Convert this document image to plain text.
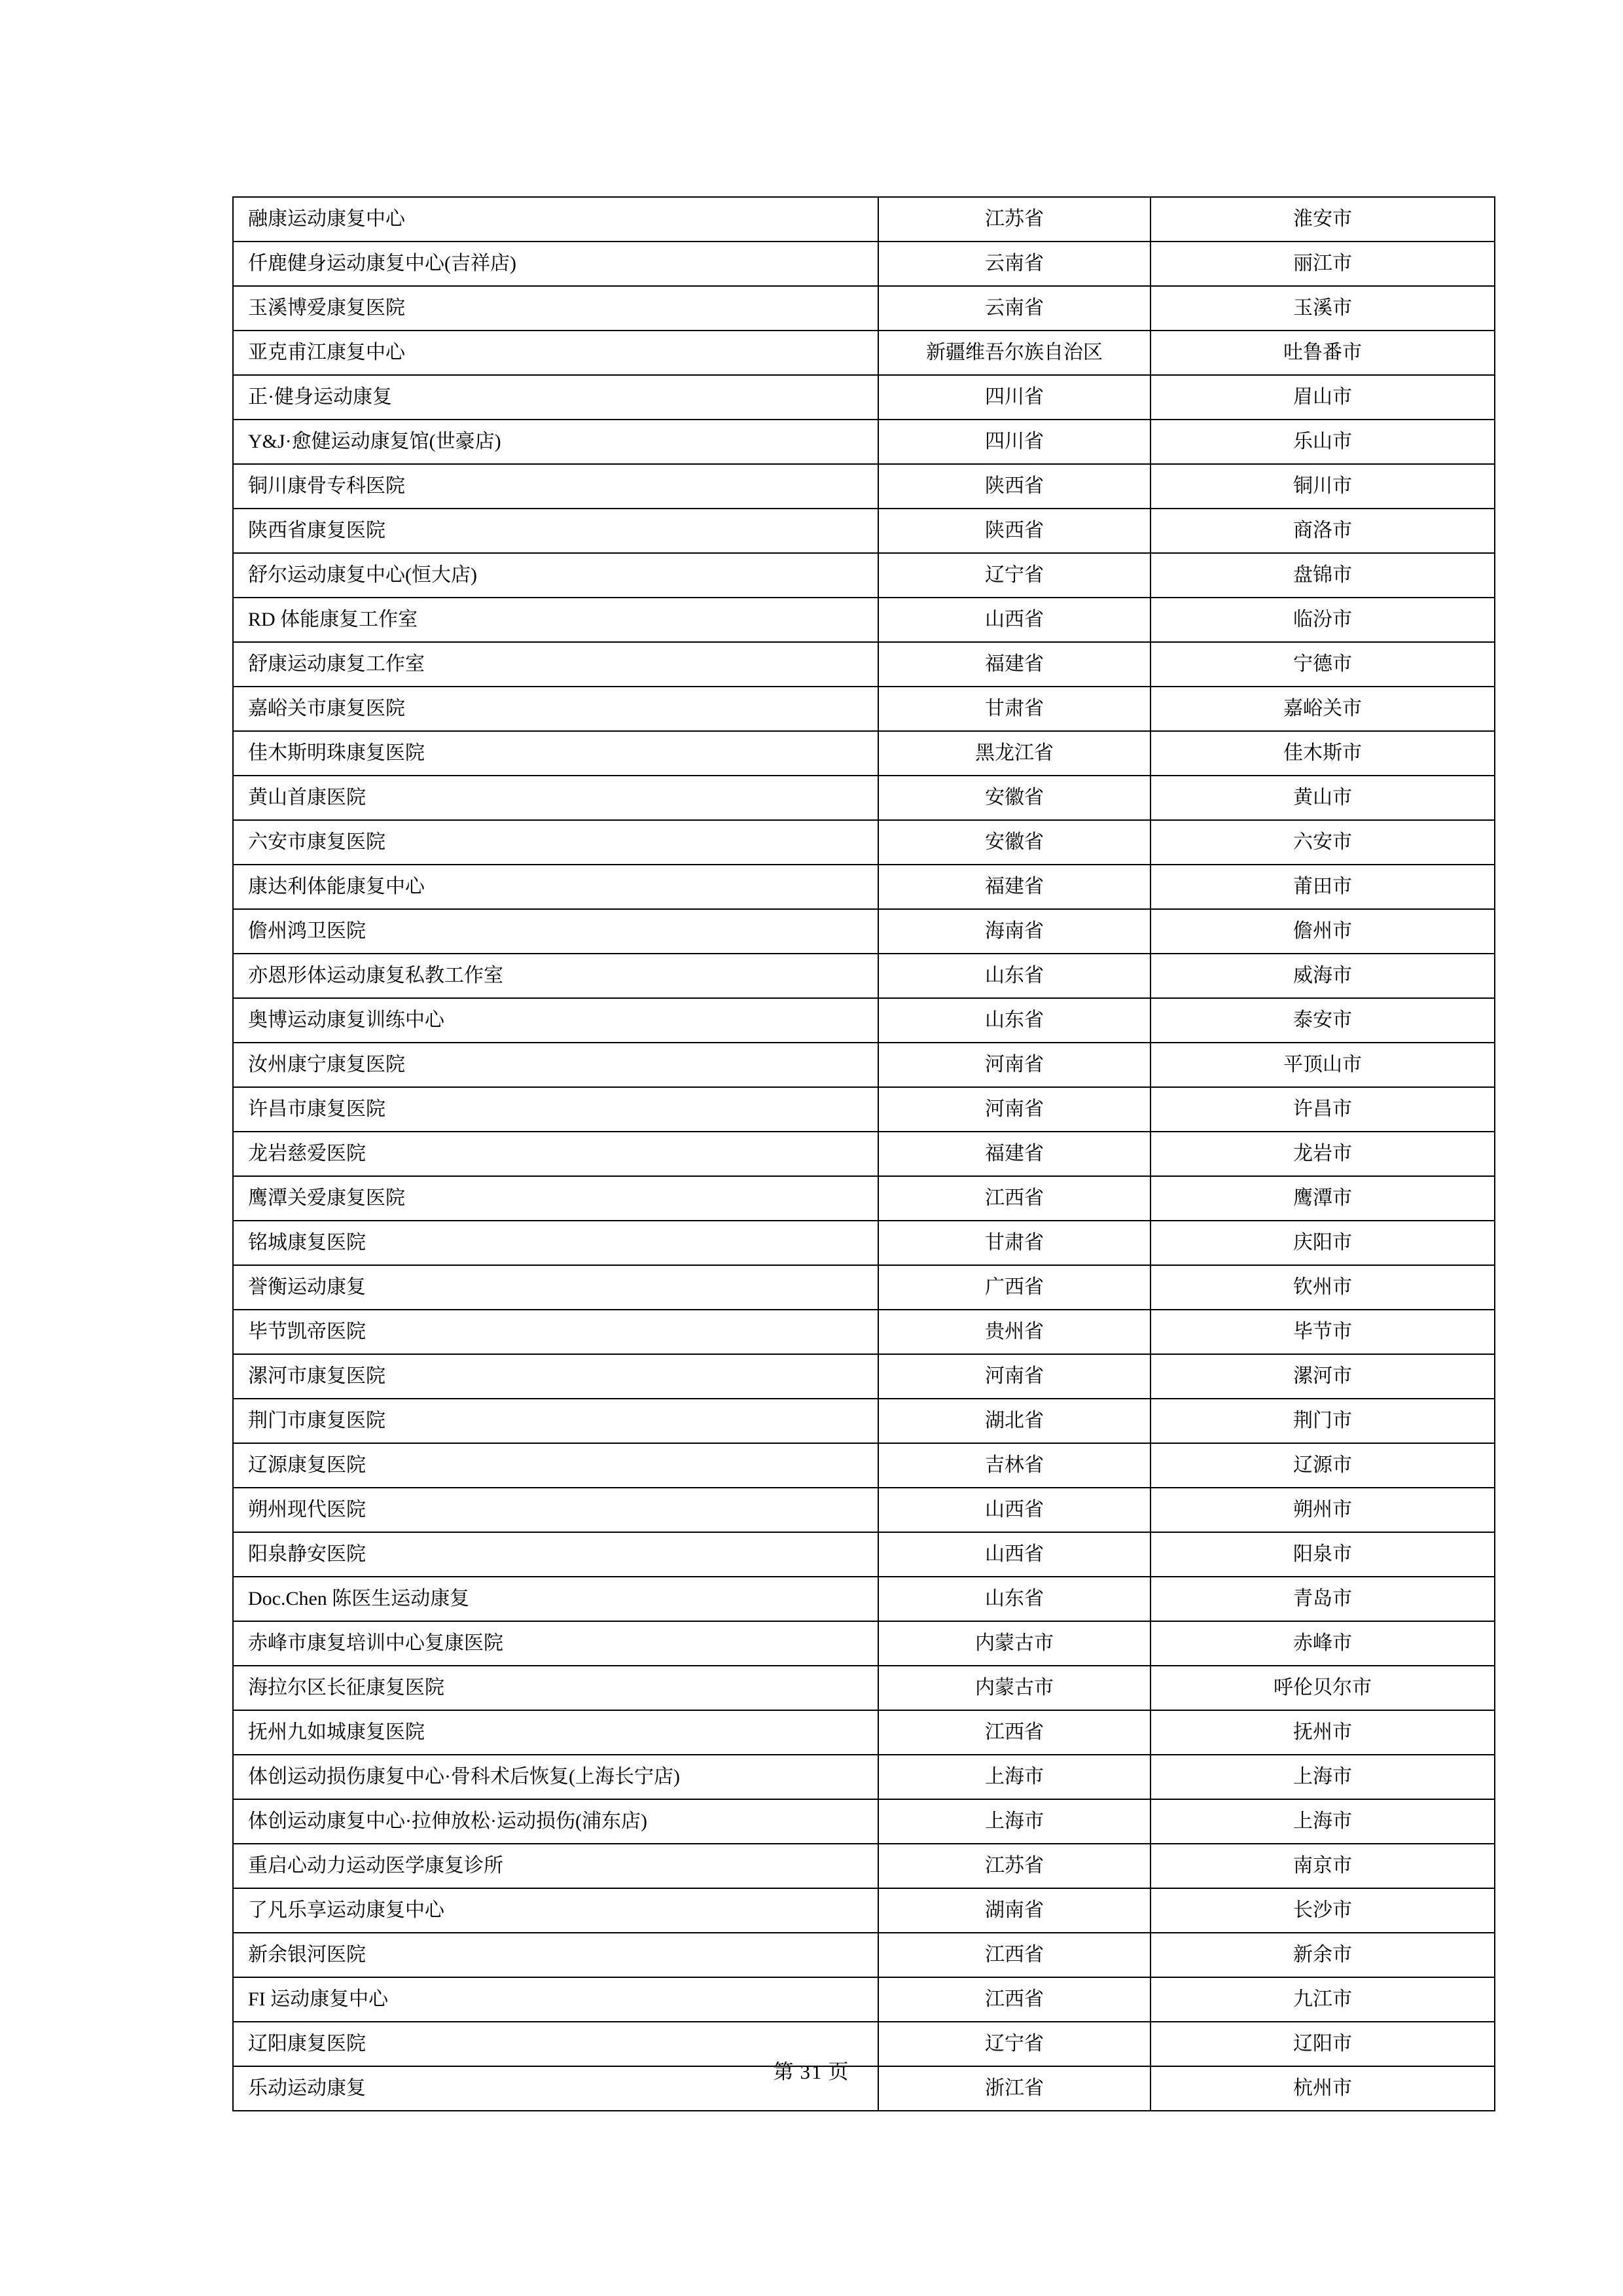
融康运动康复中心	江苏省	淮安市
仟鹿健身运动康复中心(吉祥店)	云南省	丽江市
玉溪博爱康复医院	云南省	玉溪市
亚克甫江康复中心	新疆维吾尔族自治区	吐鲁番市
正·健身运动康复	四川省	眉山市
Y&J·愈健运动康复馆(世豪店)	四川省	乐山市
铜川康骨专科医院	陕西省	铜川市
陕西省康复医院	陕西省	商洛市
舒尔运动康复中心(恒大店)	辽宁省	盘锦市
RD 体能康复工作室	山西省	临汾市
舒康运动康复工作室	福建省	宁德市
嘉峪关市康复医院	甘肃省	嘉峪关市
佳木斯明珠康复医院	黑龙江省	佳木斯市
黄山首康医院	安徽省	黄山市
六安市康复医院	安徽省	六安市
康达利体能康复中心	福建省	莆田市
儋州鸿卫医院	海南省	儋州市
亦恩形体运动康复私教工作室	山东省	威海市
奥博运动康复训练中心	山东省	泰安市
汝州康宁康复医院	河南省	平顶山市
许昌市康复医院	河南省	许昌市
龙岩慈爱医院	福建省	龙岩市
鹰潭关爱康复医院	江西省	鹰潭市
铭城康复医院	甘肃省	庆阳市
誉衡运动康复	广西省	钦州市
毕节凯帝医院	贵州省	毕节市
漯河市康复医院	河南省	漯河市
荆门市康复医院	湖北省	荆门市
辽源康复医院	吉林省	辽源市
朔州现代医院	山西省	朔州市
阳泉静安医院	山西省	阳泉市
Doc.Chen 陈医生运动康复	山东省	青岛市
赤峰市康复培训中心复康医院	内蒙古市	赤峰市
海拉尔区长征康复医院	内蒙古市	呼伦贝尔市
抚州九如城康复医院	江西省	抚州市
体创运动损伤康复中心·骨科术后恢复(上海长宁店)	上海市	上海市
体创运动康复中心·拉伸放松·运动损伤(浦东店)	上海市	上海市
重启心动力运动医学康复诊所	江苏省	南京市
了凡乐享运动康复中心	湖南省	长沙市
新余银河医院	江西省	新余市
FI 运动康复中心	江西省	九江市
辽阳康复医院	辽宁省	辽阳市
乐动运动康复	浙江省	杭州市
第 31 页
